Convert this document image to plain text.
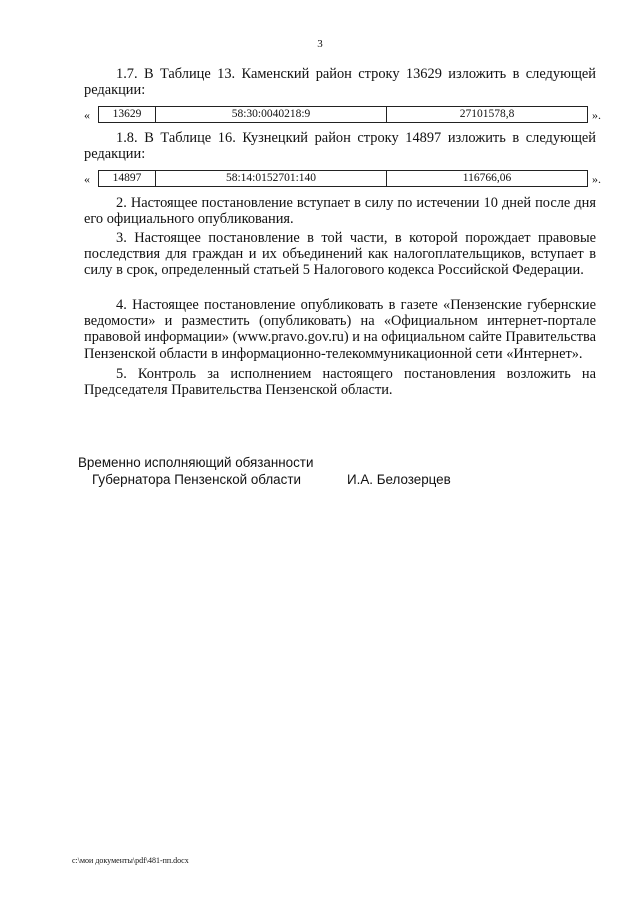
3

1.7. В Таблице 13. Каменский район строку 13629 изложить в следующей редакции:

« 13629	58:30:0040218:9	27101578,8	».

1.8. В Таблице 16. Кузнецкий район строку 14897 изложить в следующей редакции:

« 14897	58:14:0152701:140	116766,06	».

2. Настоящее постановление вступает в силу по истечении 10 дней после дня его официального опубликования.

3. Настоящее постановление в той части, в которой порождает правовые последствия для граждан и их объединений как налогоплательщиков, вступает в силу в срок, определенный статьей 5 Налогового кодекса Российской Федерации.

4. Настоящее постановление опубликовать в газете «Пензенские губернские ведомости» и разместить (опубликовать) на «Официальном интернет-портале правовой информации» (www.pravo.gov.ru) и на официальном сайте Правительства Пензенской области в информационно-телекоммуникационной сети «Интернет».

5. Контроль за исполнением настоящего постановления возложить на Председателя Правительства Пензенской области.

Временно исполняющий обязанности
Губернатора Пензенской области	И.А. Белозерцев
c:\мои документы\pdf\481-пп.docx
